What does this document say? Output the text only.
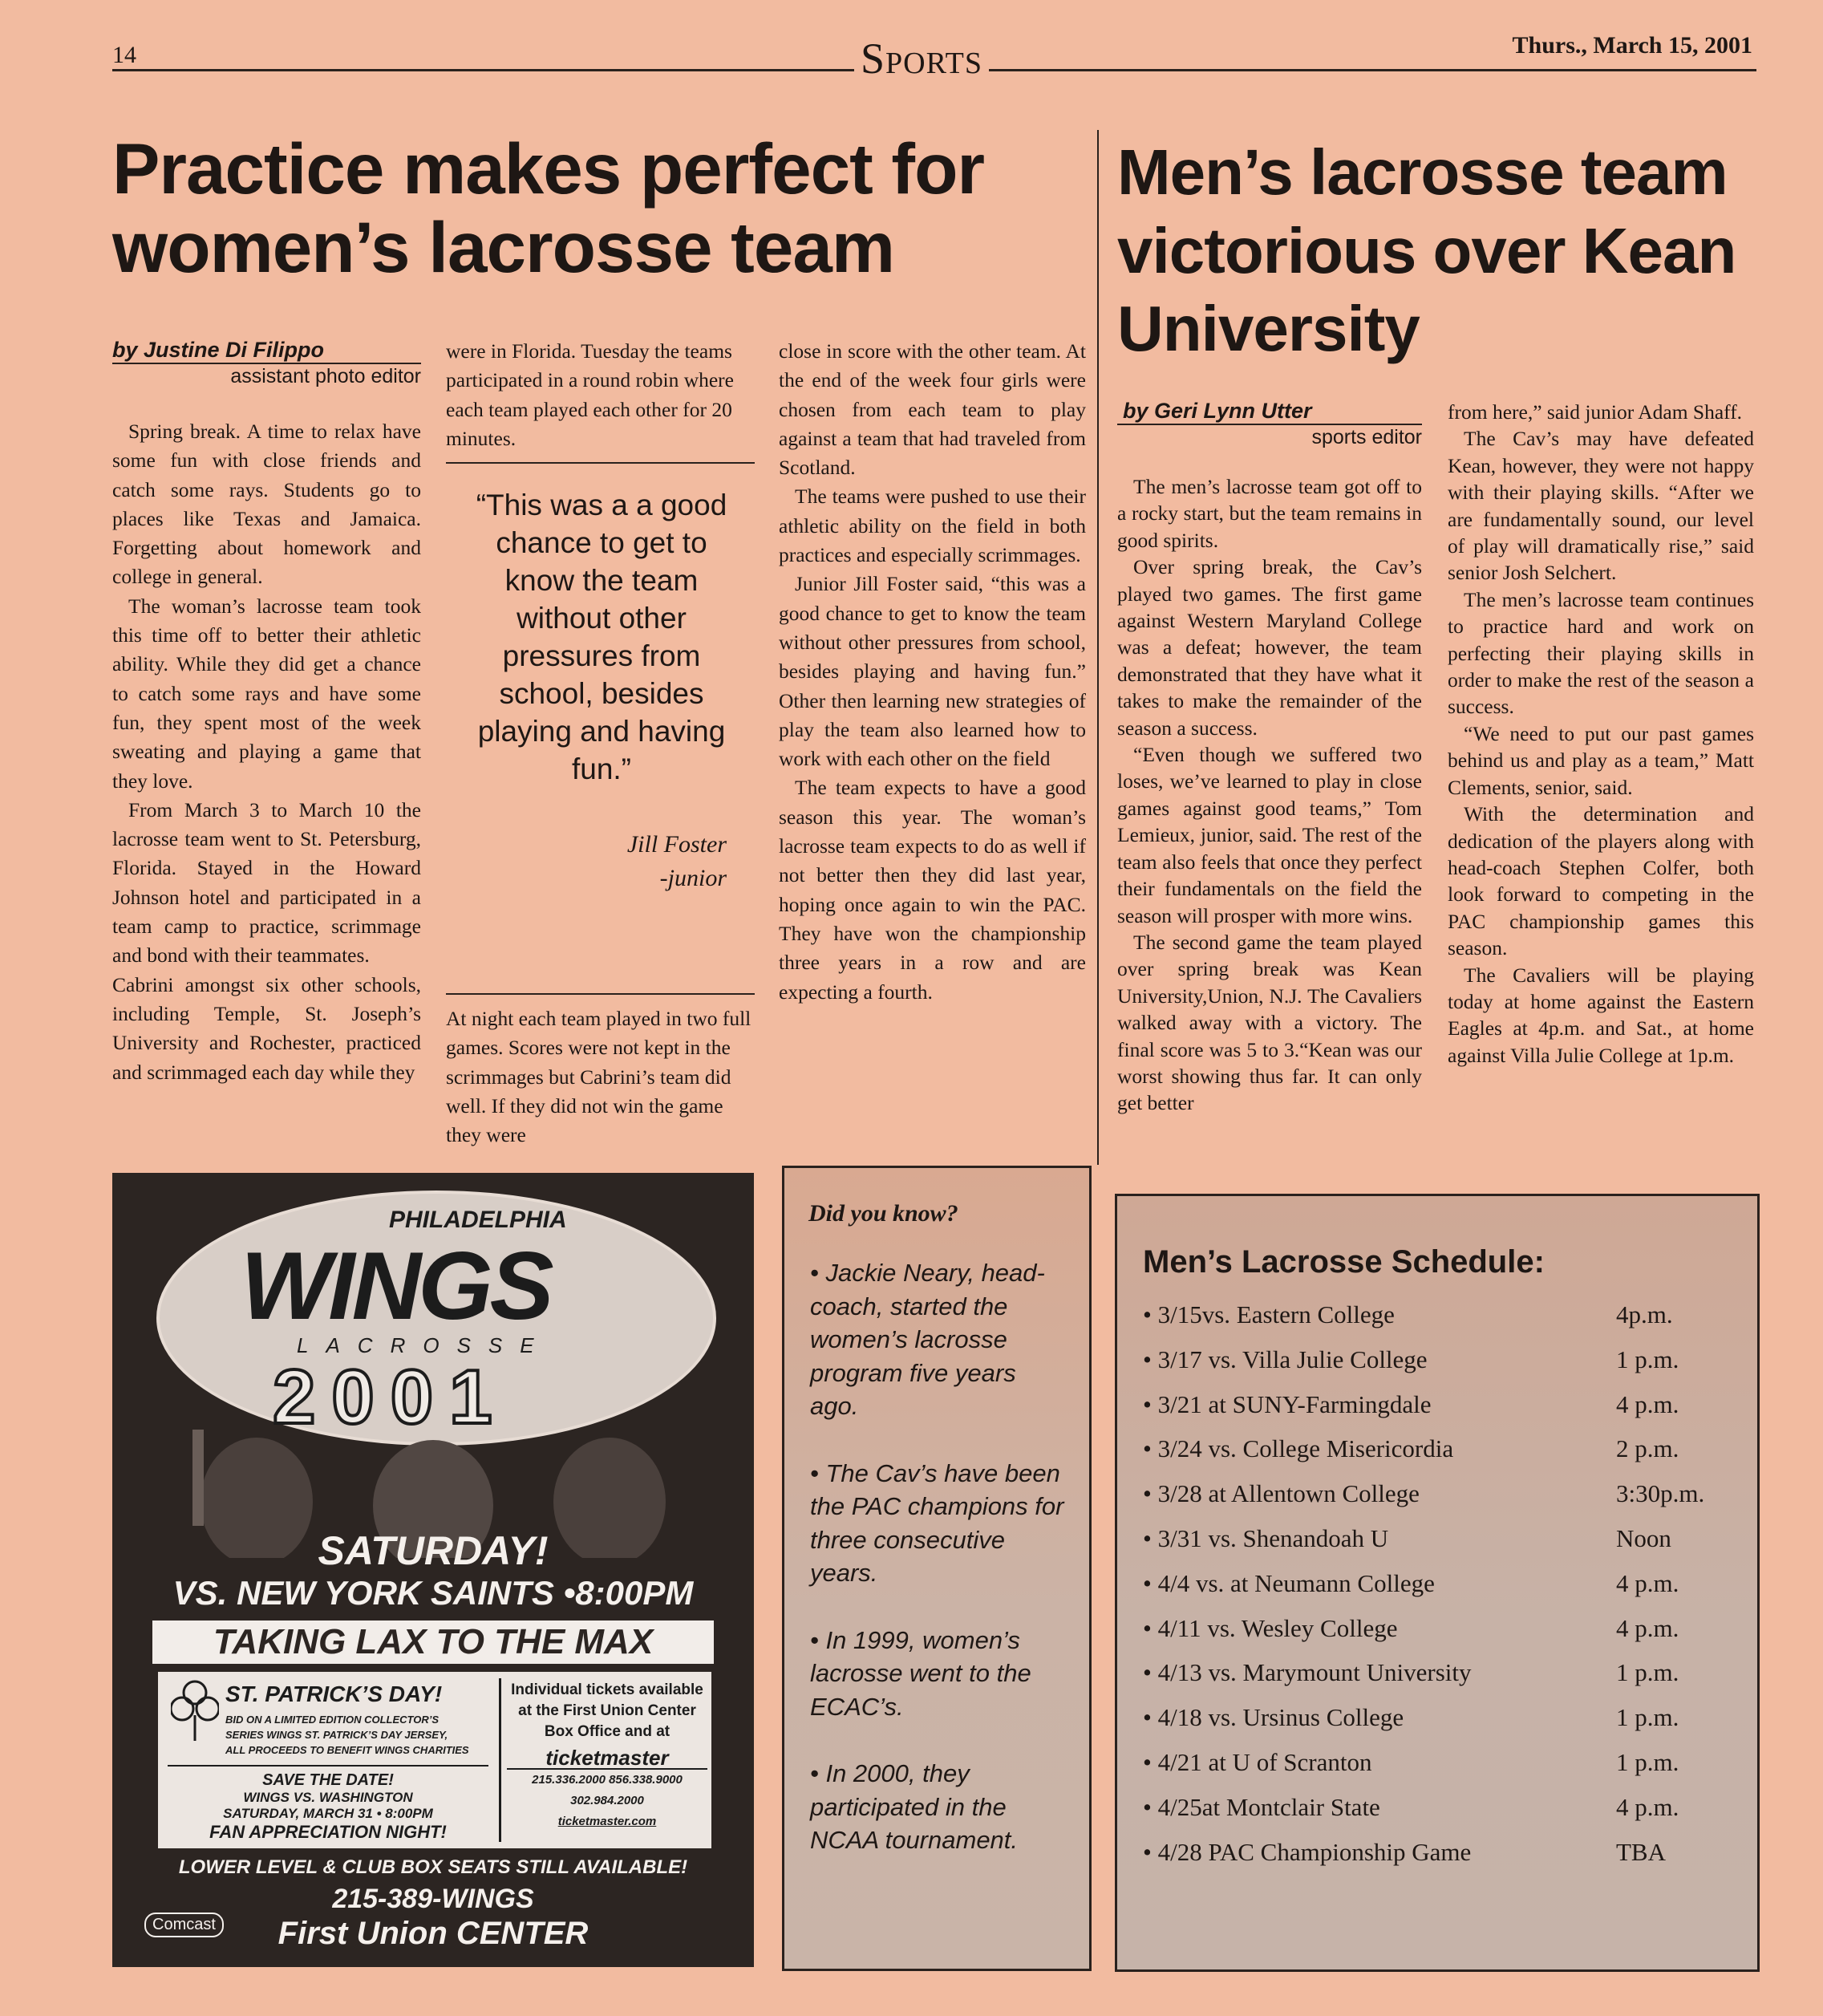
14	Sports	Thurs., March 15, 2001
Practice makes perfect for
women’s lacrosse team
by Justine Di Filippo
assistant photo editor

Spring break. A time to relax have some fun with close friends and catch some rays. Students go to places like Texas and Jamaica. Forgetting about homework and college in general.

The woman’s lacrosse team took this time off to better their athletic ability. While they did get a chance to catch some rays and have some fun, they spent most of the week sweating and playing a game that they love.

From March 3 to March 10 the lacrosse team went to St. Petersburg, Florida. Stayed in the Howard Johnson hotel and participated in a team camp to practice, scrimmage and bond with their teammates.

Cabrini amongst six other schools, including Temple, St. Joseph’s University and Rochester, practiced and scrimmaged each day while they

were in Florida. Tuesday the teams participated in a round robin where each team played each other for 20 minutes.

“This was a a good chance to get to know the team without other pressures from school, besides playing and having fun.”
Jill Foster
-junior

At night each team played in two full games. Scores were not kept in the scrimmages but Cabrini’s team did well. If they did not win the game they were

close in score with the other team. At the end of the week four girls were chosen from each team to play against a team that had traveled from Scotland.

The teams were pushed to use their athletic ability on the field in both practices and especially scrimmages.

Junior Jill Foster said, “this was a good chance to get to know the team without other pressures from school, besides playing and having fun.” Other then learning new strategies of play the team also learned how to work with each other on the field

The team expects to have a good season this year. The woman’s lacrosse team expects to do as well if not better then they did last year, hoping once again to win the PAC. They have won the championship three years in a row and are expecting a fourth.

Men’s lacrosse team
victorious over Kean
University
by Geri Lynn Utter
sports editor

The men’s lacrosse team got off to a rocky start, but the team remains in good spirits.

Over spring break, the Cav’s played two games. The first game against Western Maryland College was a defeat; however, the team demonstrated that they have what it takes to make the remainder of the season a success.

“Even though we suffered two loses, we’ve learned to play in close games against good teams,” Tom Lemieux, junior, said. The rest of the team also feels that once they perfect their fundamentals on the field the season will prosper with more wins.

The second game the team played over spring break was Kean University,Union, N.J. The Cavaliers walked away with a victory. The final score was 5 to 3.“Kean was our worst showing thus far. It can only get better

from here,” said junior Adam Shaff.

The Cav’s may have defeated Kean, however, they were not happy with their playing skills. “After we are fundamentally sound, our level of play will dramatically rise,” said senior Josh Selchert.

The men’s lacrosse team continues to practice hard and work on perfecting their playing skills in order to make the rest of the season a success.

“We need to put our past games behind us and play as a team,” Matt Clements, senior, said.

With the determination and dedication of the players along with head-coach Stephen Colfer, both look forward to competing in the PAC championship games this season.

The Cavaliers will be playing today at home against the Eastern Eagles at 4p.m. and Sat., at home against Villa Julie College at 1p.m.

PHILADELPHIA
WINGS
LACROSSE
2001
SATURDAY!
VS. NEW YORK SAINTS •8:00PM
TAKING LAX TO THE MAX
ST. PATRICK’S DAY!
BID ON A LIMITED EDITION COLLECTOR’S
SERIES WINGS ST. PATRICK’S DAY JERSEY,
ALL PROCEEDS TO BENEFIT WINGS CHARITIES
SAVE THE DATE!
WINGS VS. WASHINGTON
SATURDAY, MARCH 31 • 8:00PM
FAN APPRECIATION NIGHT!
Individual tickets available
at the First Union Center
Box Office and at
ticketmaster
215.336.2000 856.338.9000
302.984.2000
ticketmaster.com
LOWER LEVEL & CLUB BOX SEATS STILL AVAILABLE!
215-389-WINGS
First Union CENTER
Comcast
Did you know?
• Jackie Neary, head- coach, started the women’s lacrosse program five years ago.
• The Cav’s have been the PAC champions for three consecutive years.
• In 1999, women’s lacrosse went to the ECAC’s.
• In 2000, they participated in the NCAA tournament.
Men’s Lacrosse Schedule:
• 3/15vs. Eastern College	4p.m.
• 3/17 vs. Villa Julie College	1 p.m.
• 3/21 at SUNY-Farmingdale	4 p.m.
• 3/24 vs. College Misericordia	2 p.m.
• 3/28 at Allentown College	3:30p.m.
• 3/31 vs. Shenandoah U	Noon
• 4/4 vs. at Neumann College	4 p.m.
• 4/11 vs. Wesley College	4 p.m.
• 4/13 vs. Marymount University	1 p.m.
• 4/18 vs. Ursinus College	1 p.m.
• 4/21 at U of Scranton	1 p.m.
• 4/25at Montclair State	4 p.m.
• 4/28 PAC Championship Game	TBA
